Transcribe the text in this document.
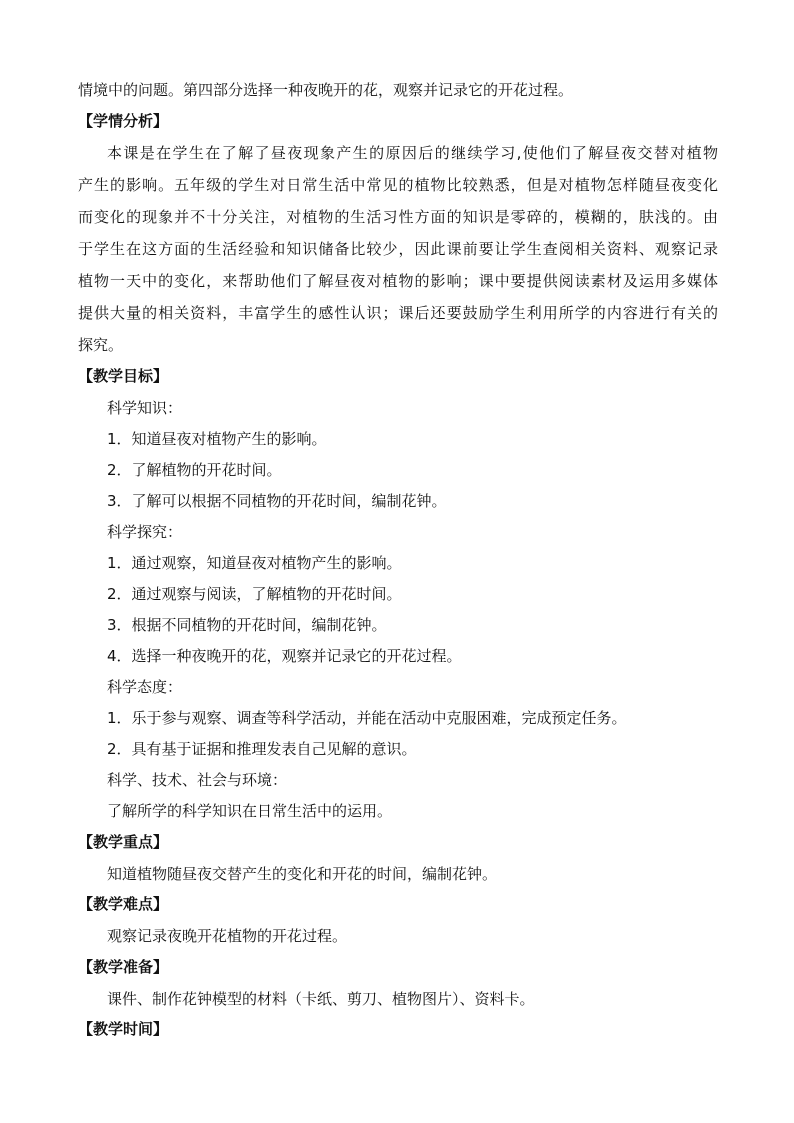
情境中的问题。第四部分选择一种夜晚开的花，观察并记录它的开花过程。
【学情分析】
本课是在学生在了解了昼夜现象产生的原因后的继续学习,使他们了解昼夜交替对植物
产生的影响。五年级的学生对日常生活中常见的植物比较熟悉，但是对植物怎样随昼夜变化
而变化的现象并不十分关注，对植物的生活习性方面的知识是零碎的，模糊的，肤浅的。由
于学生在这方面的生活经验和知识储备比较少，因此课前要让学生查阅相关资料、观察记录
植物一天中的变化，来帮助他们了解昼夜对植物的影响；课中要提供阅读素材及运用多媒体
提供大量的相关资料，丰富学生的感性认识；课后还要鼓励学生利用所学的内容进行有关的
探究。
【教学目标】
科学知识：
1．知道昼夜对植物产生的影响。
2．了解植物的开花时间。
3．了解可以根据不同植物的开花时间，编制花钟。
科学探究：
1．通过观察，知道昼夜对植物产生的影响。
2．通过观察与阅读，了解植物的开花时间。
3．根据不同植物的开花时间，编制花钟。
4．选择一种夜晚开的花，观察并记录它的开花过程。
科学态度：
1．乐于参与观察、调查等科学活动，并能在活动中克服困难，完成预定任务。
2．具有基于证据和推理发表自己见解的意识。
科学、技术、社会与环境：
了解所学的科学知识在日常生活中的运用。
【教学重点】
知道植物随昼夜交替产生的变化和开花的时间，编制花钟。
【教学难点】
观察记录夜晚开花植物的开花过程。
【教学准备】
课件、制作花钟模型的材料（卡纸、剪刀、植物图片）、资料卡。
【教学时间】
